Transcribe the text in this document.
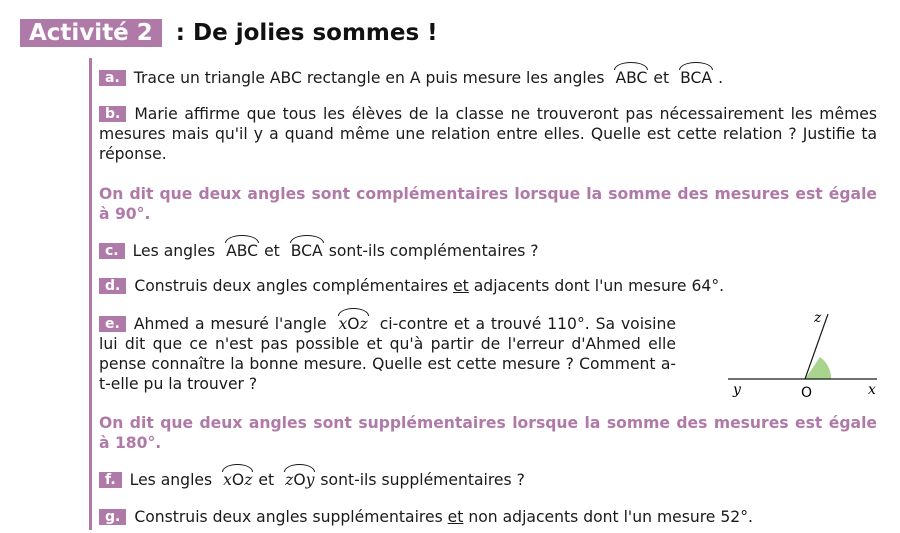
Activité 2	: De jolies sommes !
a. Trace un triangle ABC rectangle en A puis mesure les angles ABC et BCA .
b. Marie affirme que tous les élèves de la classe ne trouveront pas nécessairement les mêmes mesures mais qu'il y a quand même une relation entre elles. Quelle est cette relation ? Justifie ta réponse.
On dit que deux angles sont complémentaires lorsque la somme des mesures est égale à 90°.
c. Les angles ABC et BCA sont-ils complémentaires ?
d. Construis deux angles complémentaires et adjacents dont l'un mesure 64°.
e. Ahmed a mesuré l'angle xOz ci-contre et a trouvé 110°. Sa voisine lui dit que ce n'est pas possible et qu'à partir de l'erreur d'Ahmed elle pense connaître la bonne mesure. Quelle est cette mesure ? Comment a-t-elle pu la trouver ?
z
y	O	x
On dit que deux angles sont supplémentaires lorsque la somme des mesures est égale à 180°.
f. Les angles xOz et zOy sont-ils supplémentaires ?
g. Construis deux angles supplémentaires et non adjacents dont l'un mesure 52°.
